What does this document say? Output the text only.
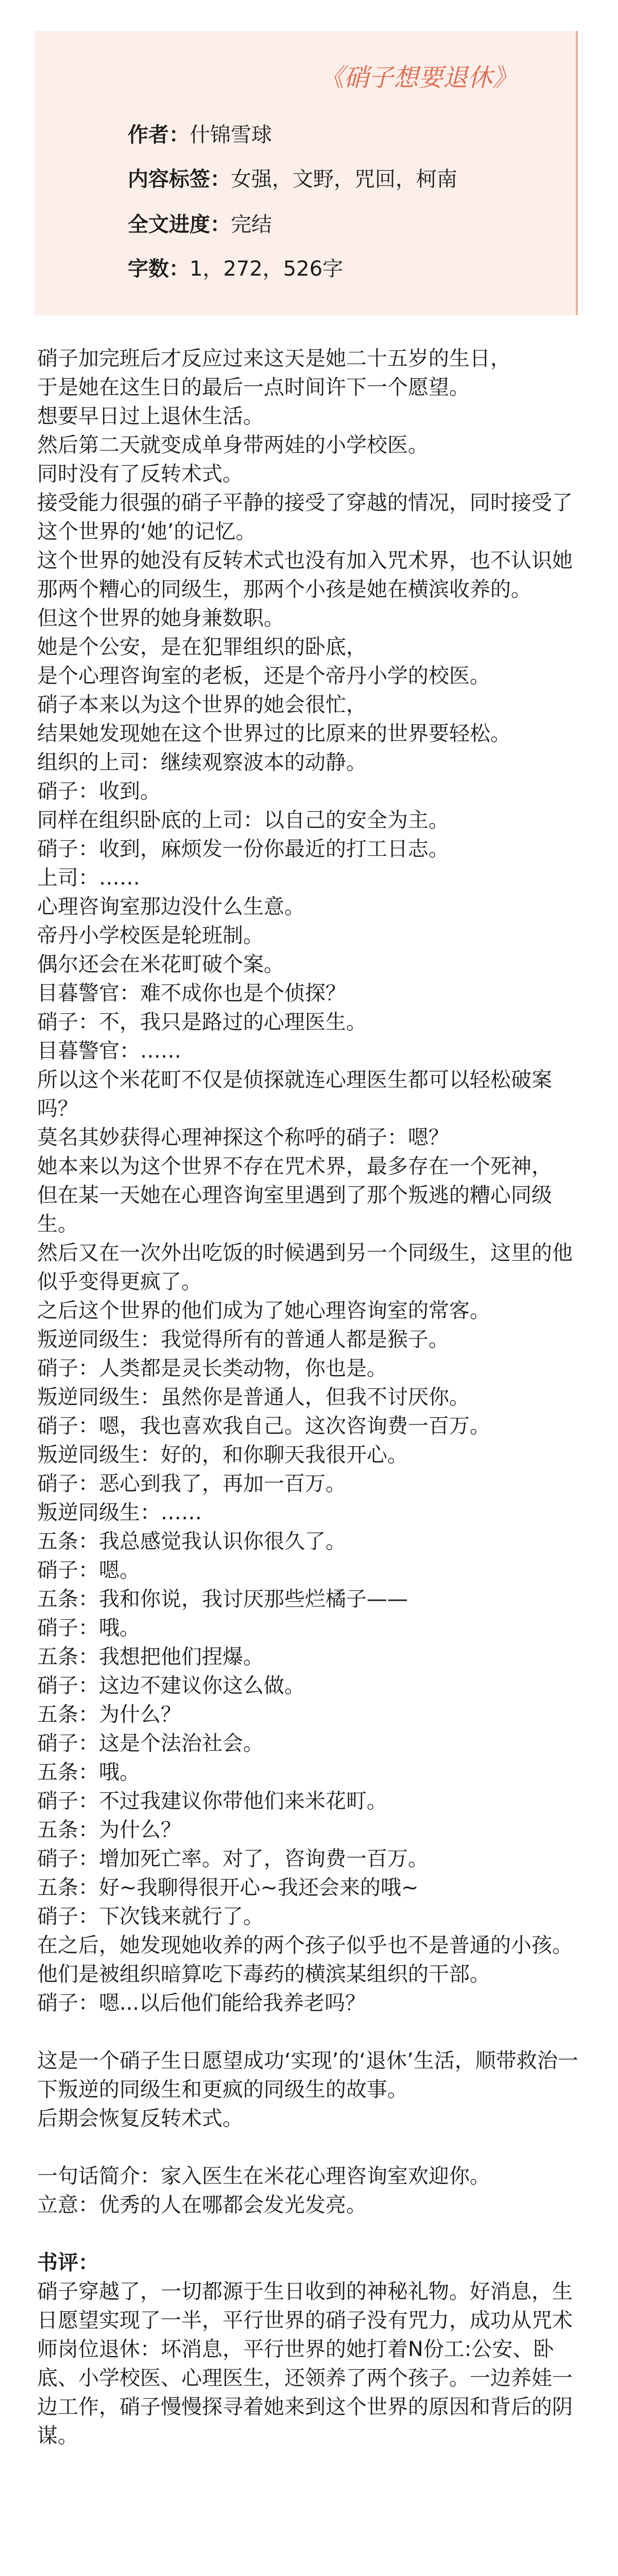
《硝子想要退休》
作者：什锦雪球
内容标签：女强，文野，咒回，柯南
全文进度：完结
字数：1，272，526字

硝子加完班后才反应过来这天是她二十五岁的生日，

于是她在这生日的最后一点时间许下一个愿望。

想要早日过上退休生活。

然后第二天就变成单身带两娃的小学校医。

同时没有了反转术式。

接受能力很强的硝子平静的接受了穿越的情况，同时接受了这个世界的‘她’的记忆。

这个世界的她没有反转术式也没有加入咒术界，也不认识她那两个糟心的同级生，那两个小孩是她在横滨收养的。

但这个世界的她身兼数职。

她是个公安，是在犯罪组织的卧底，

是个心理咨询室的老板，还是个帝丹小学的校医。

硝子本来以为这个世界的她会很忙，

结果她发现她在这个世界过的比原来的世界要轻松。

组织的上司：继续观察波本的动静。

硝子：收到。

同样在组织卧底的上司：以自己的安全为主。

硝子：收到，麻烦发一份你最近的打工日志。

上司：……

心理咨询室那边没什么生意。

帝丹小学校医是轮班制。

偶尔还会在米花町破个案。

目暮警官：难不成你也是个侦探？

硝子：不，我只是路过的心理医生。

目暮警官：……

所以这个米花町不仅是侦探就连心理医生都可以轻松破案吗？

莫名其妙获得心理神探这个称呼的硝子：嗯？

她本来以为这个世界不存在咒术界，最多存在一个死神，

但在某一天她在心理咨询室里遇到了那个叛逃的糟心同级生。

然后又在一次外出吃饭的时候遇到另一个同级生，这里的他似乎变得更疯了。

之后这个世界的他们成为了她心理咨询室的常客。

叛逆同级生：我觉得所有的普通人都是猴子。

硝子：人类都是灵长类动物，你也是。

叛逆同级生：虽然你是普通人，但我不讨厌你。

硝子：嗯，我也喜欢我自己。这次咨询费一百万。

叛逆同级生：好的，和你聊天我很开心。

硝子：恶心到我了，再加一百万。

叛逆同级生：……

五条：我总感觉我认识你很久了。

硝子：嗯。

五条：我和你说，我讨厌那些烂橘子——

硝子：哦。

五条：我想把他们捏爆。

硝子：这边不建议你这么做。

五条：为什么？

硝子：这是个法治社会。

五条：哦。

硝子：不过我建议你带他们来米花町。

五条：为什么？

硝子：增加死亡率。对了，咨询费一百万。

五条：好~我聊得很开心~我还会来的哦~

硝子：下次钱来就行了。

在之后，她发现她收养的两个孩子似乎也不是普通的小孩。

他们是被组织暗算吃下毒药的横滨某组织的干部。

硝子：嗯...以后他们能给我养老吗？

这是一个硝子生日愿望成功‘实现’的‘退休’生活，顺带救治一下叛逆的同级生和更疯的同级生的故事。

后期会恢复反转术式。

一句话简介：家入医生在米花心理咨询室欢迎你。

立意：优秀的人在哪都会发光发亮。

书评：

硝子穿越了，一切都源于生日收到的神秘礼物。好消息，生日愿望实现了一半，平行世界的硝子没有咒力，成功从咒术师岗位退休：坏消息，平行世界的她打着N份工:公安、卧底、小学校医、心理医生，还领养了两个孩子。一边养娃一边工作，硝子慢慢探寻着她来到这个世界的原因和背后的阴谋。
